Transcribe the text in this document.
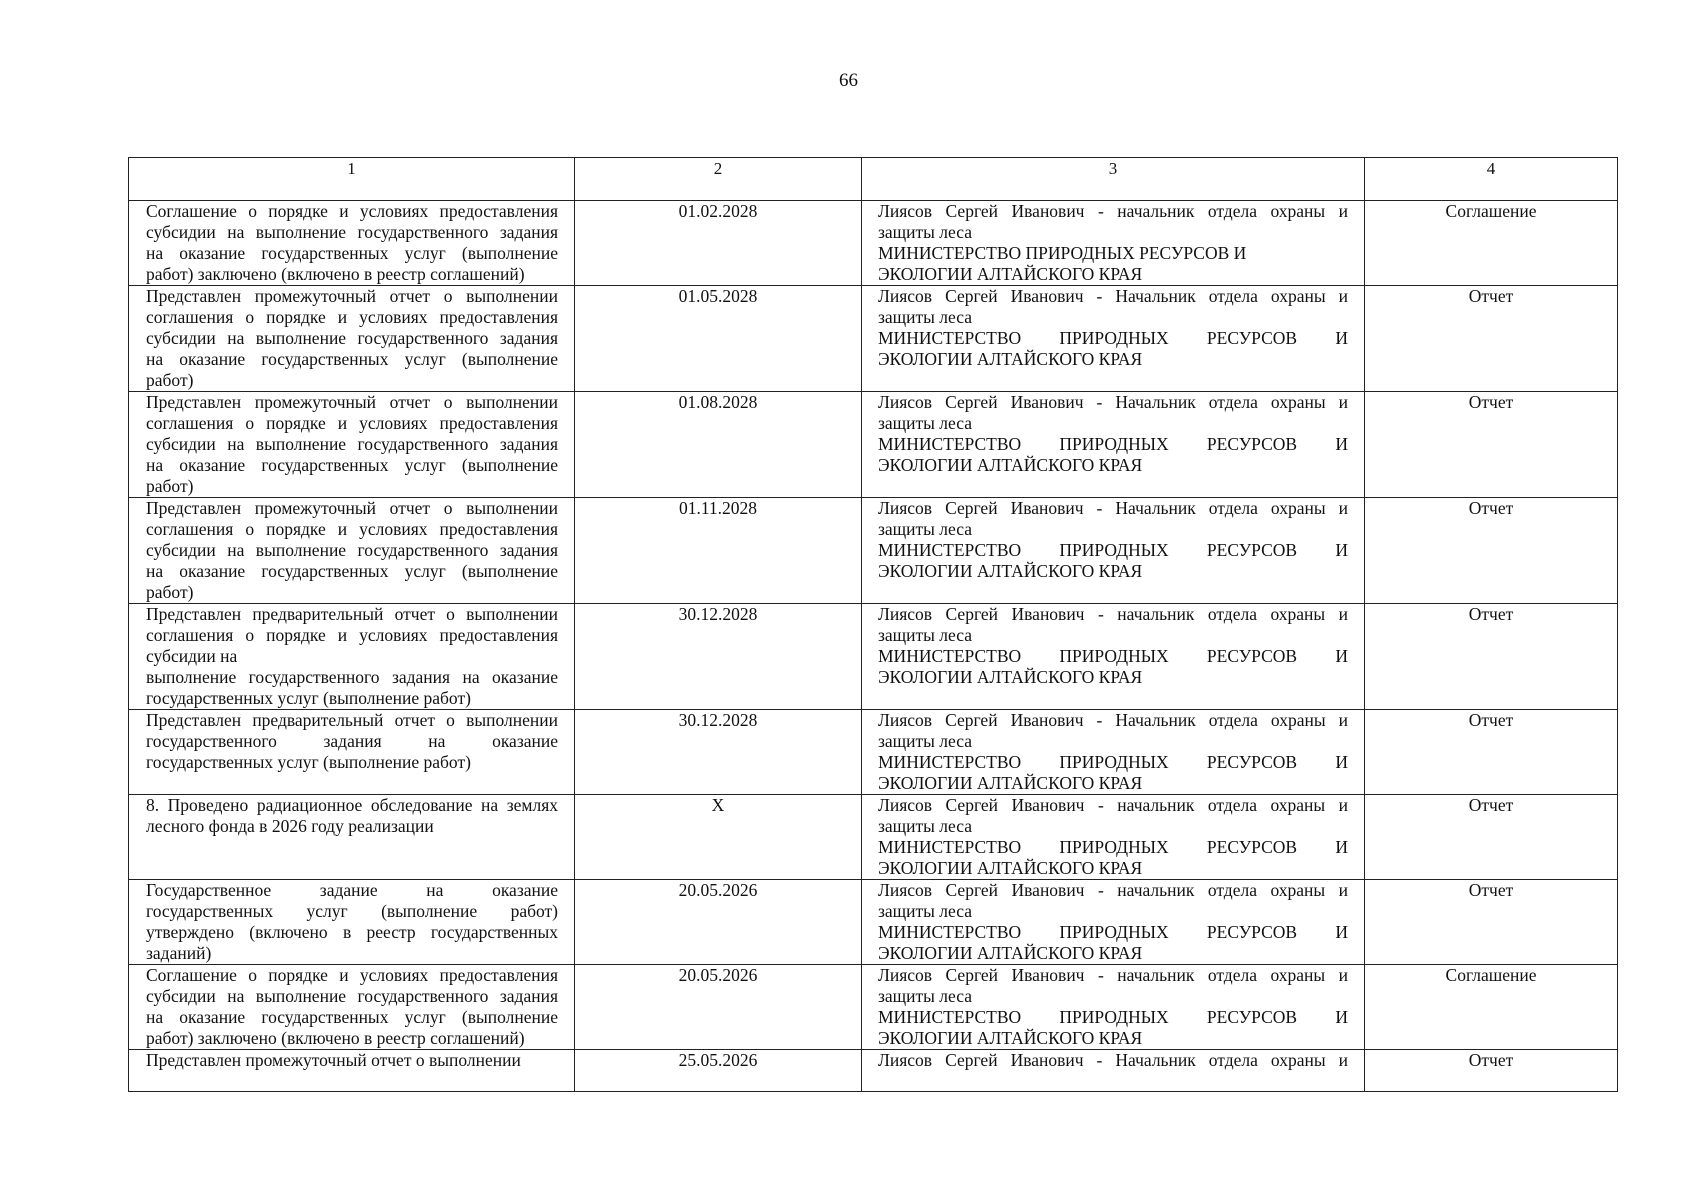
66
1	2	3	4

Соглашение о порядке и условиях предоставления
субсидии на выполнение государственного задания
на оказание государственных услуг (выполнение
работ) заключено (включено в реестр соглашений)	01.02.2028	Лиясов Сергей Иванович - начальник отдела охраны и
защиты леса
МИНИСТЕРСТВО ПРИРОДНЫХ РЕСУРСОВ И
ЭКОЛОГИИ АЛТАЙСКОГО КРАЯ	Соглашение

Представлен промежуточный отчет о выполнении
соглашения о порядке и условиях предоставления
субсидии на выполнение государственного задания
на оказание государственных услуг (выполнение
работ)	01.05.2028	Лиясов Сергей Иванович - Начальник отдела охраны и
защиты леса
МИНИСТЕРСТВО ПРИРОДНЫХ РЕСУРСОВ И
ЭКОЛОГИИ АЛТАЙСКОГО КРАЯ	Отчет

Представлен промежуточный отчет о выполнении
соглашения о порядке и условиях предоставления
субсидии на выполнение государственного задания
на оказание государственных услуг (выполнение
работ)	01.08.2028	Лиясов Сергей Иванович - Начальник отдела охраны и
защиты леса
МИНИСТЕРСТВО ПРИРОДНЫХ РЕСУРСОВ И
ЭКОЛОГИИ АЛТАЙСКОГО КРАЯ	Отчет

Представлен промежуточный отчет о выполнении
соглашения о порядке и условиях предоставления
субсидии на выполнение государственного задания
на оказание государственных услуг (выполнение
работ)	01.11.2028	Лиясов Сергей Иванович - Начальник отдела охраны и
защиты леса
МИНИСТЕРСТВО ПРИРОДНЫХ РЕСУРСОВ И
ЭКОЛОГИИ АЛТАЙСКОГО КРАЯ	Отчет

Представлен предварительный отчет о выполнении
соглашения о порядке и условиях предоставления
субсидии на
выполнение государственного задания на оказание
государственных услуг (выполнение работ)	30.12.2028	Лиясов Сергей Иванович - начальник отдела охраны и
защиты леса
МИНИСТЕРСТВО ПРИРОДНЫХ РЕСУРСОВ И
ЭКОЛОГИИ АЛТАЙСКОГО КРАЯ	Отчет

Представлен предварительный отчет о выполнении
государственного задания на оказание
государственных услуг (выполнение работ)	30.12.2028	Лиясов Сергей Иванович - Начальник отдела охраны и
защиты леса
МИНИСТЕРСТВО ПРИРОДНЫХ РЕСУРСОВ И
ЭКОЛОГИИ АЛТАЙСКОГО КРАЯ	Отчет

8. Проведено радиационное обследование на землях
лесного фонда в 2026 году реализации	X	Лиясов Сергей Иванович - начальник отдела охраны и
защиты леса
МИНИСТЕРСТВО ПРИРОДНЫХ РЕСУРСОВ И
ЭКОЛОГИИ АЛТАЙСКОГО КРАЯ	Отчет

Государственное задание на оказание
государственных услуг (выполнение работ)
утверждено (включено в реестр государственных
заданий)	20.05.2026	Лиясов Сергей Иванович - начальник отдела охраны и
защиты леса
МИНИСТЕРСТВО ПРИРОДНЫХ РЕСУРСОВ И
ЭКОЛОГИИ АЛТАЙСКОГО КРАЯ	Отчет

Соглашение о порядке и условиях предоставления
субсидии на выполнение государственного задания
на оказание государственных услуг (выполнение
работ) заключено (включено в реестр соглашений)	20.05.2026	Лиясов Сергей Иванович - начальник отдела охраны и
защиты леса
МИНИСТЕРСТВО ПРИРОДНЫХ РЕСУРСОВ И
ЭКОЛОГИИ АЛТАЙСКОГО КРАЯ	Соглашение

Представлен промежуточный отчет о выполнении	25.05.2026	Лиясов Сергей Иванович - Начальник отдела охраны и	Отчет
